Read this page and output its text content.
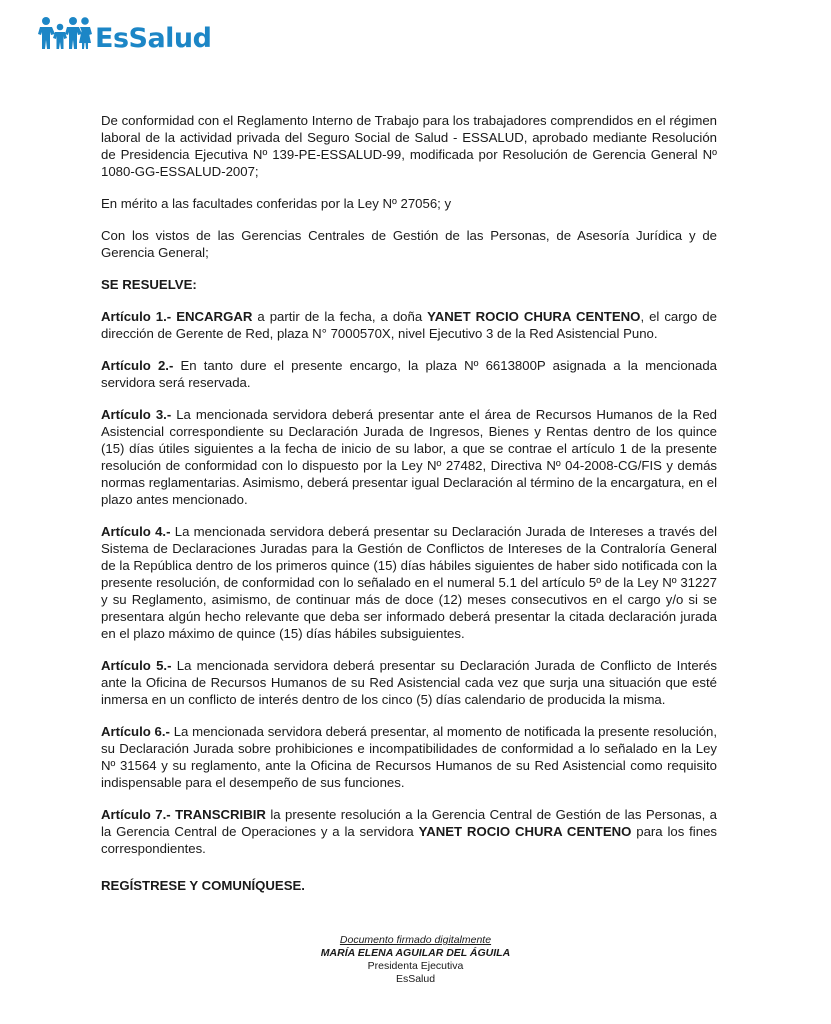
EsSalud

De conformidad con el Reglamento Interno de Trabajo para los trabajadores comprendidos en el régimen laboral de la actividad privada del Seguro Social de Salud - ESSALUD, aprobado mediante Resolución de Presidencia Ejecutiva Nº 139-PE-ESSALUD-99, modificada por Resolución de Gerencia General Nº 1080-GG-ESSALUD-2007;

En mérito a las facultades conferidas por la Ley Nº 27056; y

Con los vistos de las Gerencias Centrales de Gestión de las Personas, de Asesoría Jurídica y de Gerencia General;

SE RESUELVE:

Artículo 1.- ENCARGAR a partir de la fecha, a doña YANET ROCIO CHURA CENTENO, el cargo de dirección de Gerente de Red, plaza N° 7000570X, nivel Ejecutivo 3 de la Red Asistencial Puno.

Artículo 2.- En tanto dure el presente encargo, la plaza Nº 6613800P asignada a la mencionada servidora será reservada.

Artículo 3.- La mencionada servidora deberá presentar ante el área de Recursos Humanos de la Red Asistencial correspondiente su Declaración Jurada de Ingresos, Bienes y Rentas dentro de los quince (15) días útiles siguientes a la fecha de inicio de su labor, a que se contrae el artículo 1 de la presente resolución de conformidad con lo dispuesto por la Ley Nº 27482, Directiva Nº 04-2008-CG/FIS y demás normas reglamentarias. Asimismo, deberá presentar igual Declaración al término de la encargatura, en el plazo antes mencionado.

Artículo 4.- La mencionada servidora deberá presentar su Declaración Jurada de Intereses a través del Sistema de Declaraciones Juradas para la Gestión de Conflictos de Intereses de la Contraloría General de la República dentro de los primeros quince (15) días hábiles siguientes de haber sido notificada con la presente resolución, de conformidad con lo señalado en el numeral 5.1 del artículo 5º de la Ley Nº 31227 y su Reglamento, asimismo, de continuar más de doce (12) meses consecutivos en el cargo y/o si se presentara algún hecho relevante que deba ser informado deberá presentar la citada declaración jurada en el plazo máximo de quince (15) días hábiles subsiguientes.

Artículo 5.- La mencionada servidora deberá presentar su Declaración Jurada de Conflicto de Interés ante la Oficina de Recursos Humanos de su Red Asistencial cada vez que surja una situación que esté inmersa en un conflicto de interés dentro de los cinco (5) días calendario de producida la misma.

Artículo 6.- La mencionada servidora deberá presentar, al momento de notificada la presente resolución, su Declaración Jurada sobre prohibiciones e incompatibilidades de conformidad a lo señalado en la Ley Nº 31564 y su reglamento, ante la Oficina de Recursos Humanos de su Red Asistencial como requisito indispensable para el desempeño de sus funciones.

Artículo 7.- TRANSCRIBIR la presente resolución a la Gerencia Central de Gestión de las Personas, a la Gerencia Central de Operaciones y a la servidora YANET ROCIO CHURA CENTENO para los fines correspondientes.

REGÍSTRESE Y COMUNÍQUESE.

Documento firmado digitalmente
MARÍA ELENA AGUILAR DEL ÁGUILA
Presidenta Ejecutiva
EsSalud
